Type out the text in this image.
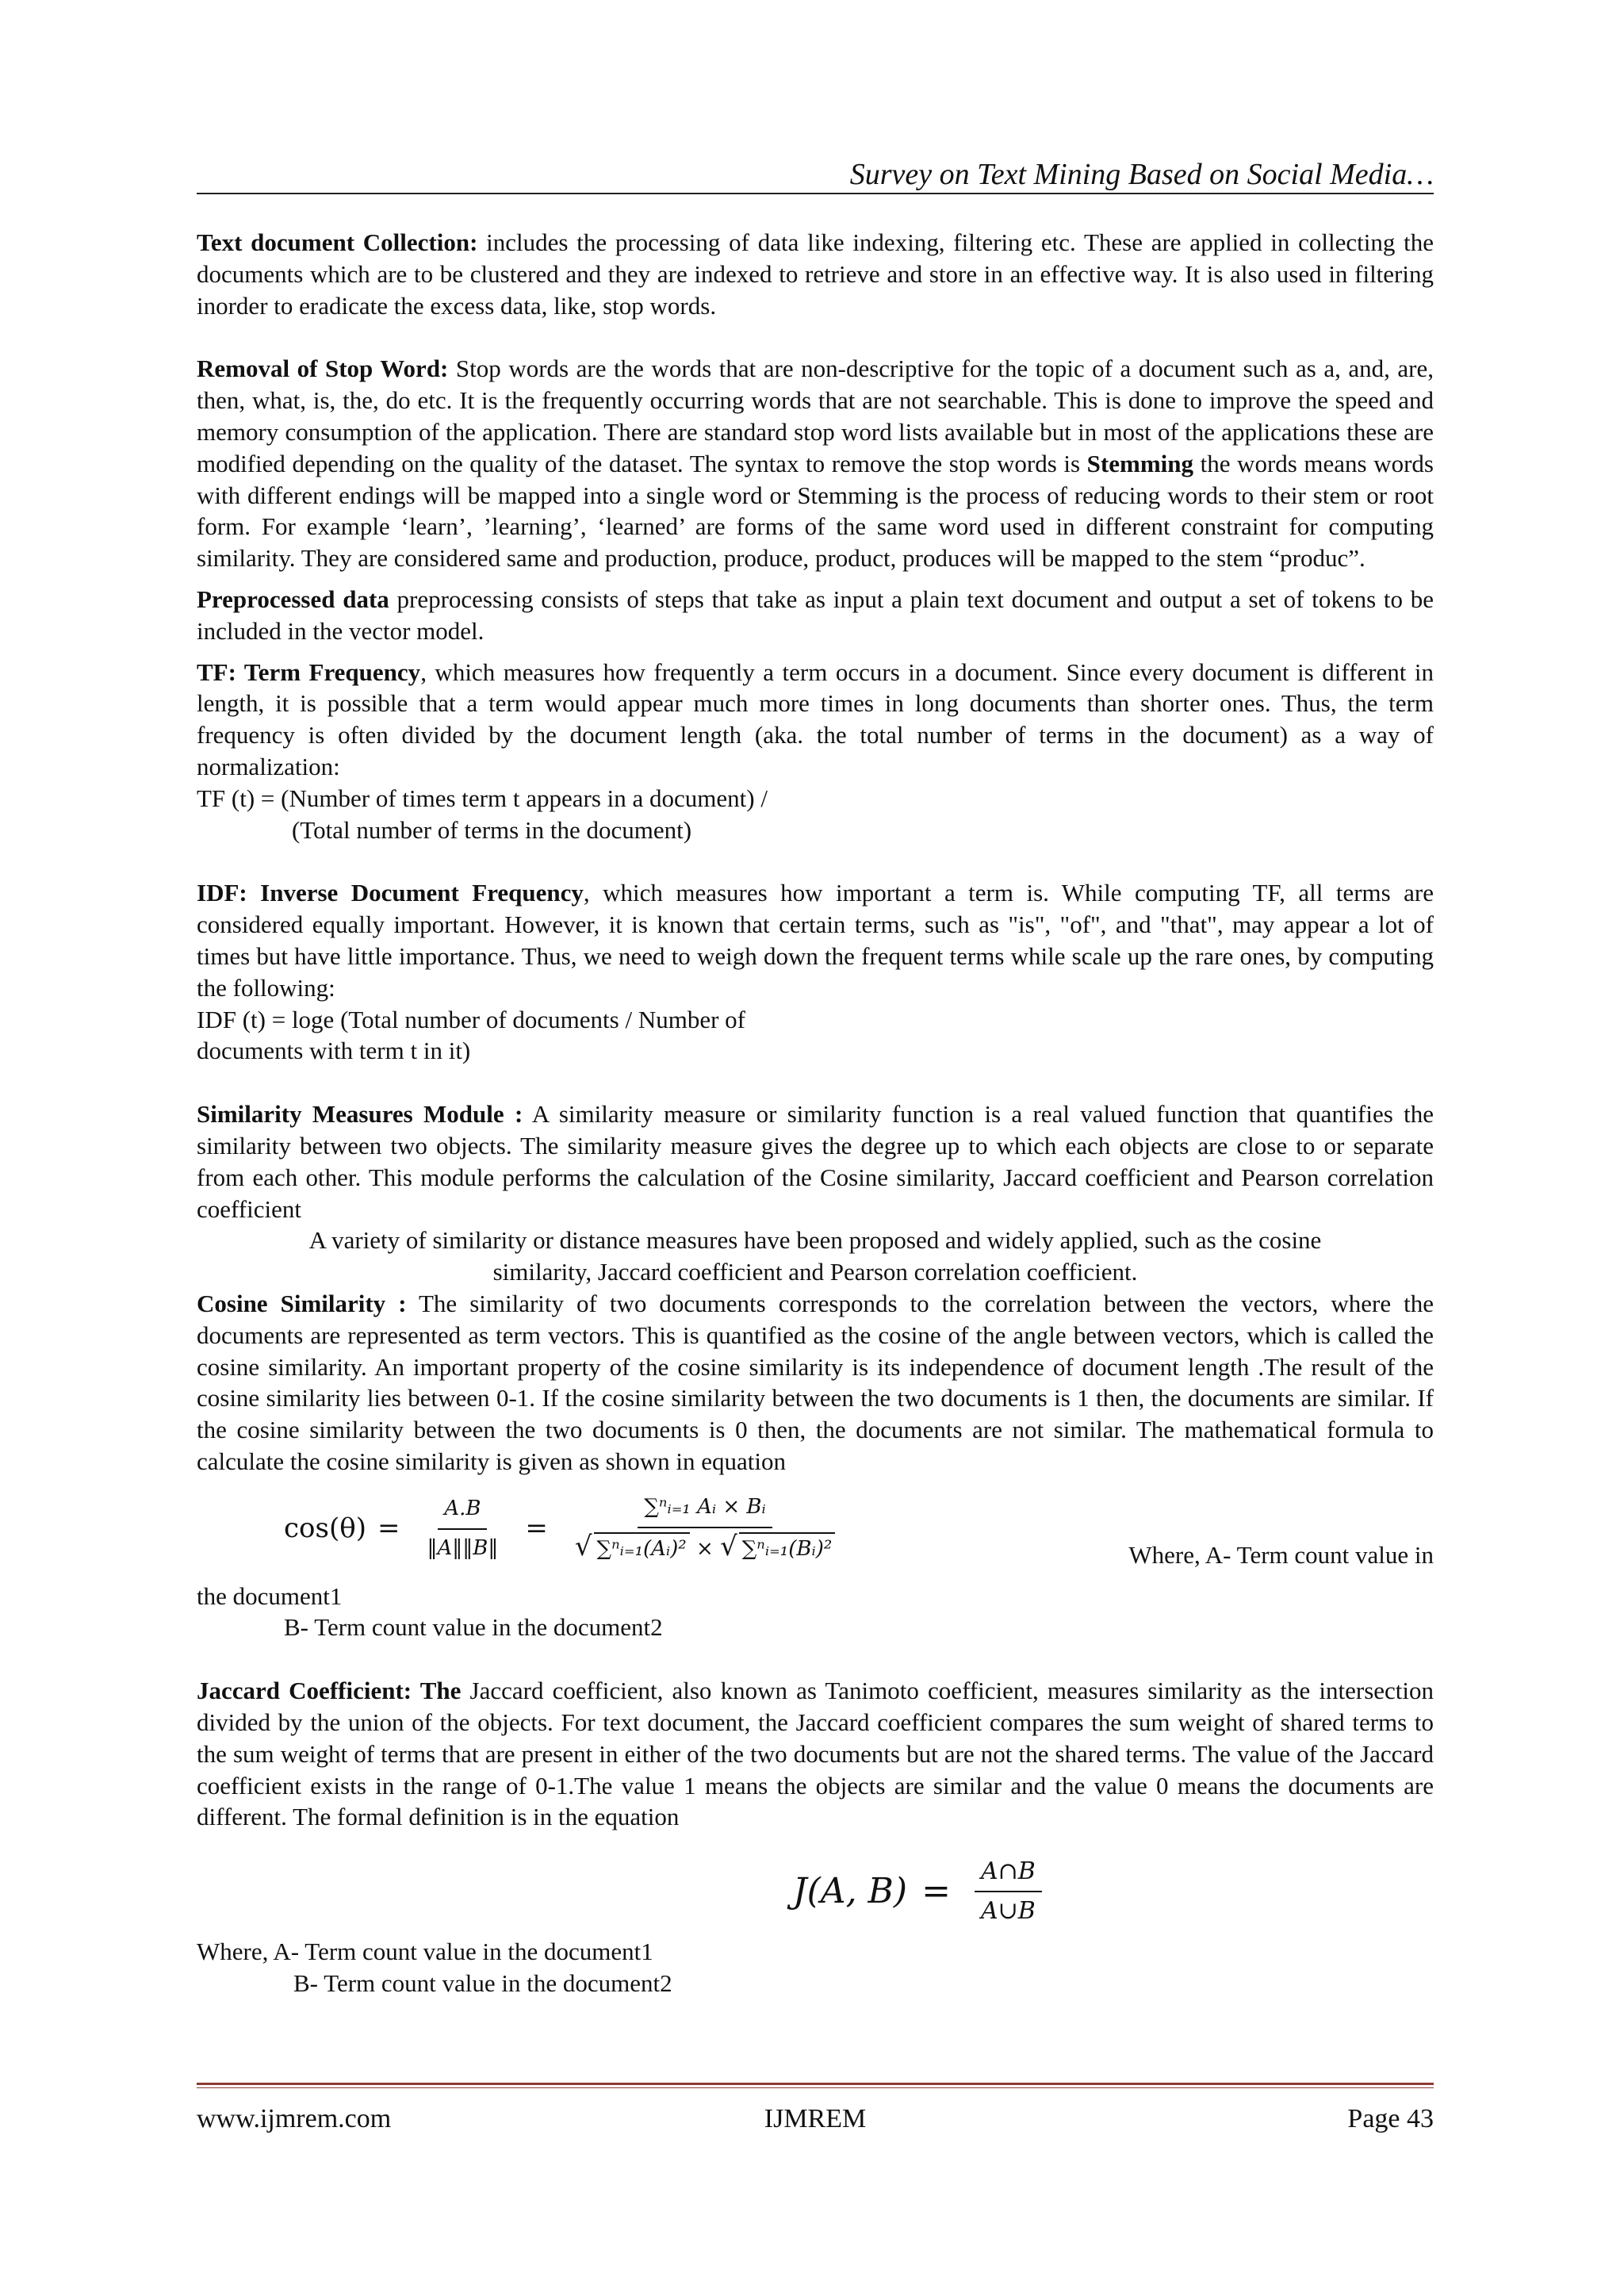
Survey on Text Mining Based on Social Media…

Text document Collection: includes the processing of data like indexing, filtering etc. These are applied in collecting the documents which are to be clustered and they are indexed to retrieve and store in an effective way. It is also used in filtering inorder to eradicate the excess data, like, stop words.

Removal of Stop Word: Stop words are the words that are non-descriptive for the topic of a document such as a, and, are, then, what, is, the, do etc. It is the frequently occurring words that are not searchable. This is done to improve the speed and memory consumption of the application. There are standard stop word lists available but in most of the applications these are modified depending on the quality of the dataset. The syntax to remove the stop words is Stemming the words means words with different endings will be mapped into a single word or Stemming is the process of reducing words to their stem or root form. For example ‘learn’, ’learning’, ‘learned’ are forms of the same word used in different constraint for computing similarity. They are considered same and production, produce, product, produces will be mapped to the stem “produc”.

Preprocessed data preprocessing consists of steps that take as input a plain text document and output a set of tokens to be included in the vector model.

TF: Term Frequency, which measures how frequently a term occurs in a document. Since every document is different in length, it is possible that a term would appear much more times in long documents than shorter ones. Thus, the term frequency is often divided by the document length (aka. the total number of terms in the document) as a way of normalization:

TF (t) = (Number of times term t appears in a document) /

(Total number of terms in the document)

IDF: Inverse Document Frequency, which measures how important a term is. While computing TF, all terms are considered equally important. However, it is known that certain terms, such as "is", "of", and "that", may appear a lot of times but have little importance. Thus, we need to weigh down the frequent terms while scale up the rare ones, by computing the following:

IDF (t) = loge (Total number of documents / Number of

documents with term t in it)

Similarity Measures Module : A similarity measure or similarity function is a real valued function that quantifies the similarity between two objects. The similarity measure gives the degree up to which each objects are close to or separate from each other. This module performs the calculation of the Cosine similarity, Jaccard coefficient and Pearson correlation coefficient

A variety of similarity or distance measures have been proposed and widely applied, such as the cosine similarity, Jaccard coefficient and Pearson correlation coefficient.

Cosine Similarity : The similarity of two documents corresponds to the correlation between the vectors, where the documents are represented as term vectors. This is quantified as the cosine of the angle between vectors, which is called the cosine similarity. An important property of the cosine similarity is its independence of document length .The result of the cosine similarity lies between 0-1. If the cosine similarity between the two documents is 1 then, the documents are similar. If the cosine similarity between the two documents is 0 then, the documents are not similar. The mathematical formula to calculate the cosine similarity is given as shown in equation

$\cos(\theta) = \frac{A.B}{‖A‖‖B‖} = \frac{\text{∑ⁿᵢ₌₁ Aᵢ × Bᵢ}}{\text{√ ∑ⁿᵢ₌₁(Aᵢ)² × √ ∑ⁿᵢ₌₁(Bᵢ)²}}$	Where, A- Term count value in

the document1

B- Term count value in the document2

Jaccard Coefficient: The Jaccard coefficient, also known as Tanimoto coefficient, measures similarity as the intersection divided by the union of the objects. For text document, the Jaccard coefficient compares the sum weight of shared terms to the sum weight of terms that are present in either of the two documents but are not the shared terms. The value of the Jaccard coefficient exists in the range of 0-1.The value 1 means the objects are similar and the value 0 means the documents are different. The formal definition is in the equation

J(A, $B) = \frac{A\cap B}{A\cup B}$

Where, A- Term count value in the document1

B- Term count value in the document2

www.ijmrem.com	IJMREM	Page 43
